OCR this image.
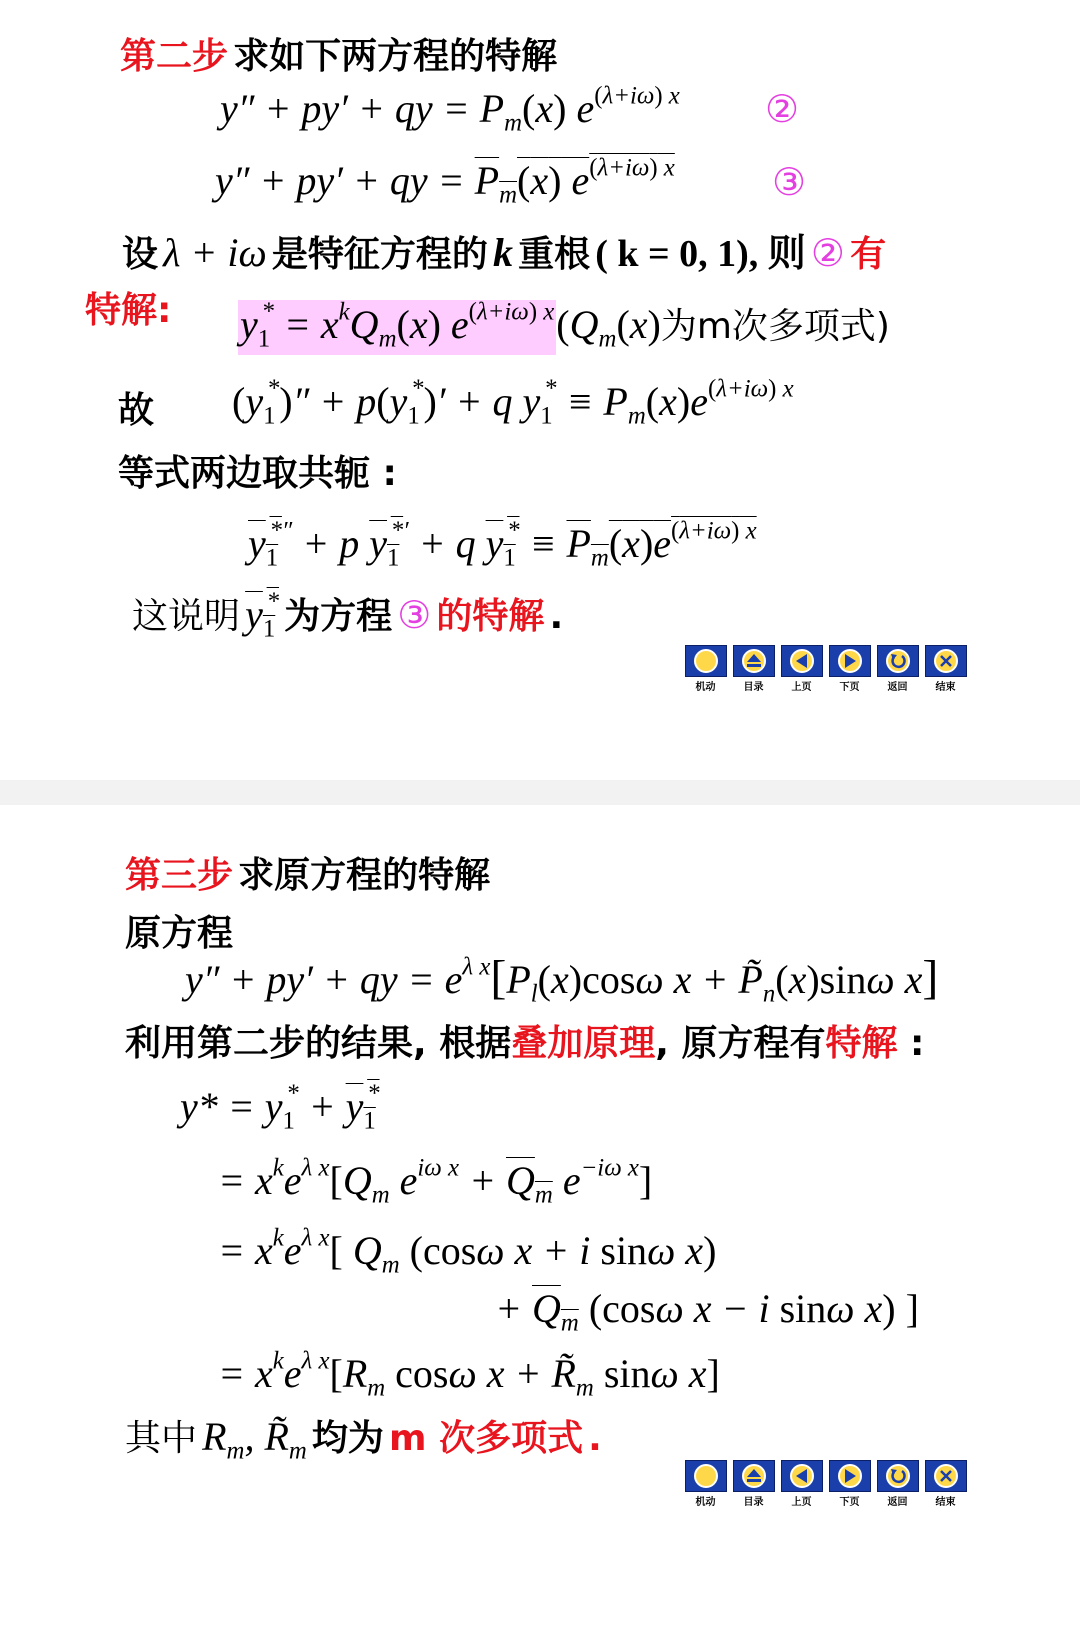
第二步 求如下两方程的特解
y″ + py′ + qy = $P_m(x)$ $e^{(\lambda+i\omega) x}$ ②
y″ + py′ + qy = $P_m(x)$ $e^{(\lambda+i\omega) x}$	③
设 λ + iω 是特征方程的 k 重根 ( k = 0, 1), 则 ② 有
特解: $y_1^* = x^kQ_m(x)$ $e^{(\lambda+i\omega) x}(Q_m(x)$为m次多项式)
故 $(y_1^*)'' + p(y_1^*)' + q$ $y_1^* \equiv P_m(x)e^{(\lambda+i\omega) x}$
等式两边取共轭 :
$y_1^{*''} + p$ $y_1^{*'} + q$ $y_1^* \equiv P_m(x)e^{(\lambda+i\omega) x}$
这说明 $y_1^*$ 为方程 ③ 的特解 .
机动	目录	上页	下页	返回	结束
第三步 求原方程的特解
原方程
y″ + py′ + qy = $e^{\lambda x}[P_l(x)\cos\omega$ $x + P̃_n(x)\sin\omega$ x]
利用第二步的结果, 根据叠加原理, 原方程有特解 :
$y* = y_1^* + y_1^*$
= $x^ke^{\lambda x}[Q_m$ $e^{i\omega x} + Q_m$ $e^{-i\omega x}$]
= $x^ke^{\lambda x}$[ $Q_m$ (cosω x + i sinω x)
+ $Q_m$ (cosω x − i sinω x) ]
= $x^ke^{\lambda x}[R_m$ cosω $x + R̃_m$ sinω x]
其中 $R_m$, $R̃_m$ 均为 m 次多项式 .
机动	目录	上页	下页	返回	结束
